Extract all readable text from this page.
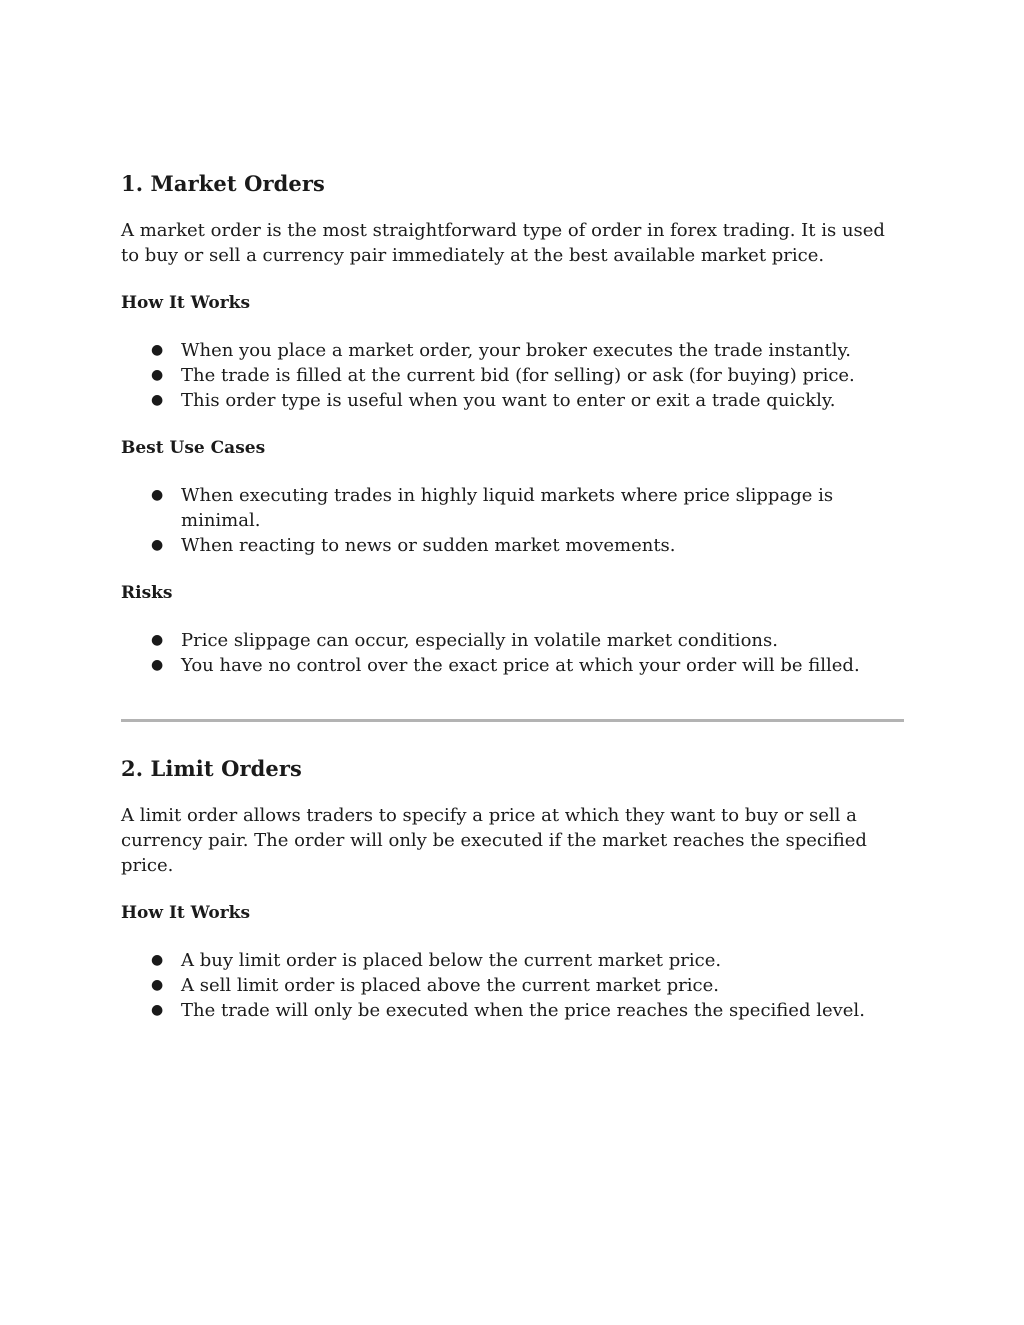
1. Market Orders

A market order is the most straightforward type of order in forex trading. It is used to buy or sell a currency pair immediately at the best available market price.

How It Works
● When you place a market order, your broker executes the trade instantly.
● The trade is filled at the current bid (for selling) or ask (for buying) price.
● This order type is useful when you want to enter or exit a trade quickly.
Best Use Cases
● When executing trades in highly liquid markets where price slippage is minimal.
● When reacting to news or sudden market movements.
Risks
● Price slippage can occur, especially in volatile market conditions.
● You have no control over the exact price at which your order will be filled.
2. Limit Orders

A limit order allows traders to specify a price at which they want to buy or sell a currency pair. The order will only be executed if the market reaches the specified price.

How It Works
● A buy limit order is placed below the current market price.
● A sell limit order is placed above the current market price.
● The trade will only be executed when the price reaches the specified level.
